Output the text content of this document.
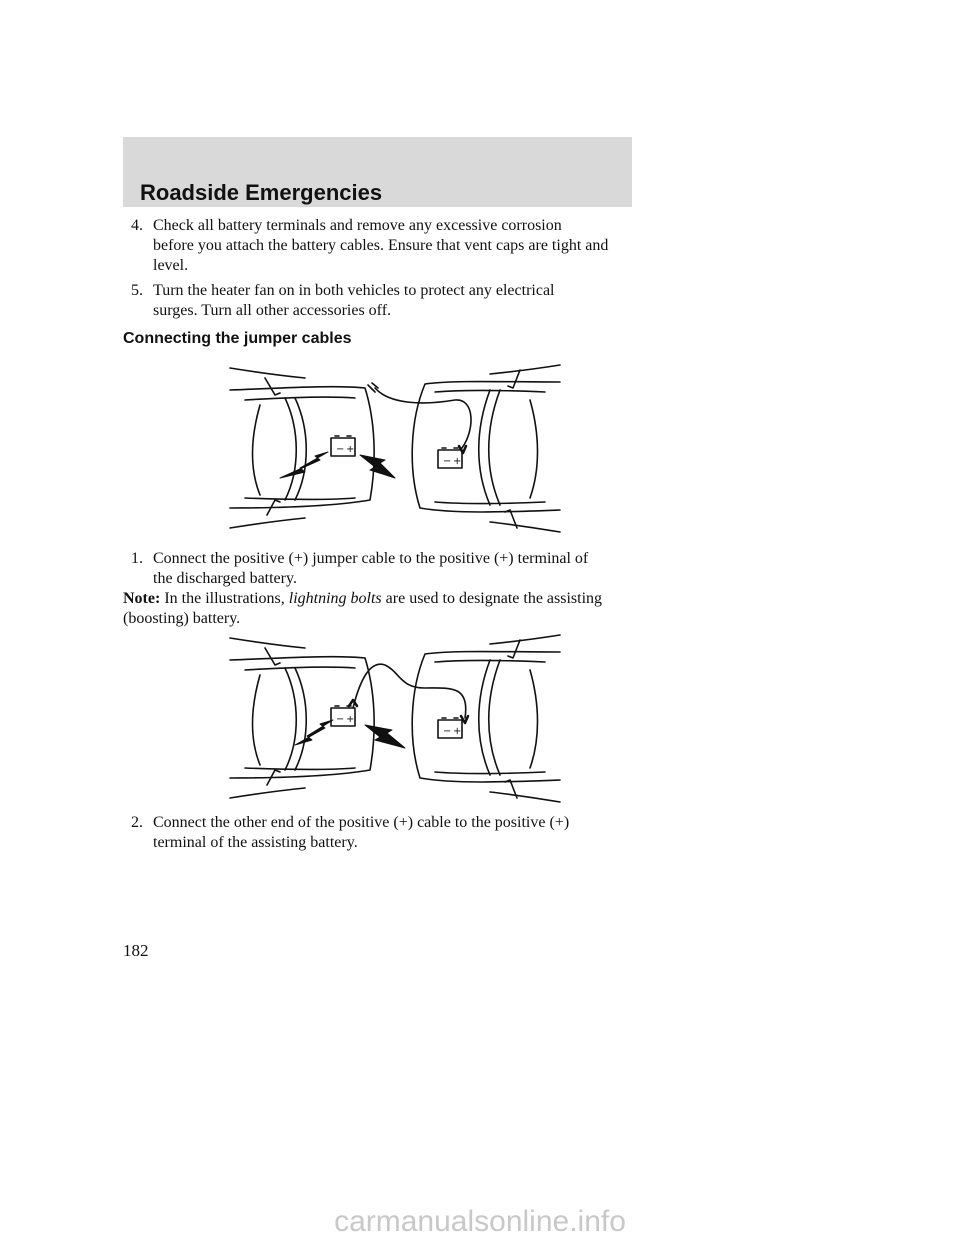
Roadside Emergencies
4. Check all battery terminals and remove any excessive corrosion
before you attach the battery cables. Ensure that vent caps are tight and level.
5. Turn the heater fan on in both vehicles to protect any electrical
surges. Turn all other accessories off.
Connecting the jumper cables
− +
− +
1. Connect the positive (+) jumper cable to the positive (+) terminal of
the discharged battery.
Note: In the illustrations, lightning bolts are used to designate the assisting (boosting) battery.
− +
− +
2. Connect the other end of the positive (+) cable to the positive (+)
terminal of the assisting battery.
182
carmanualsonline.info
